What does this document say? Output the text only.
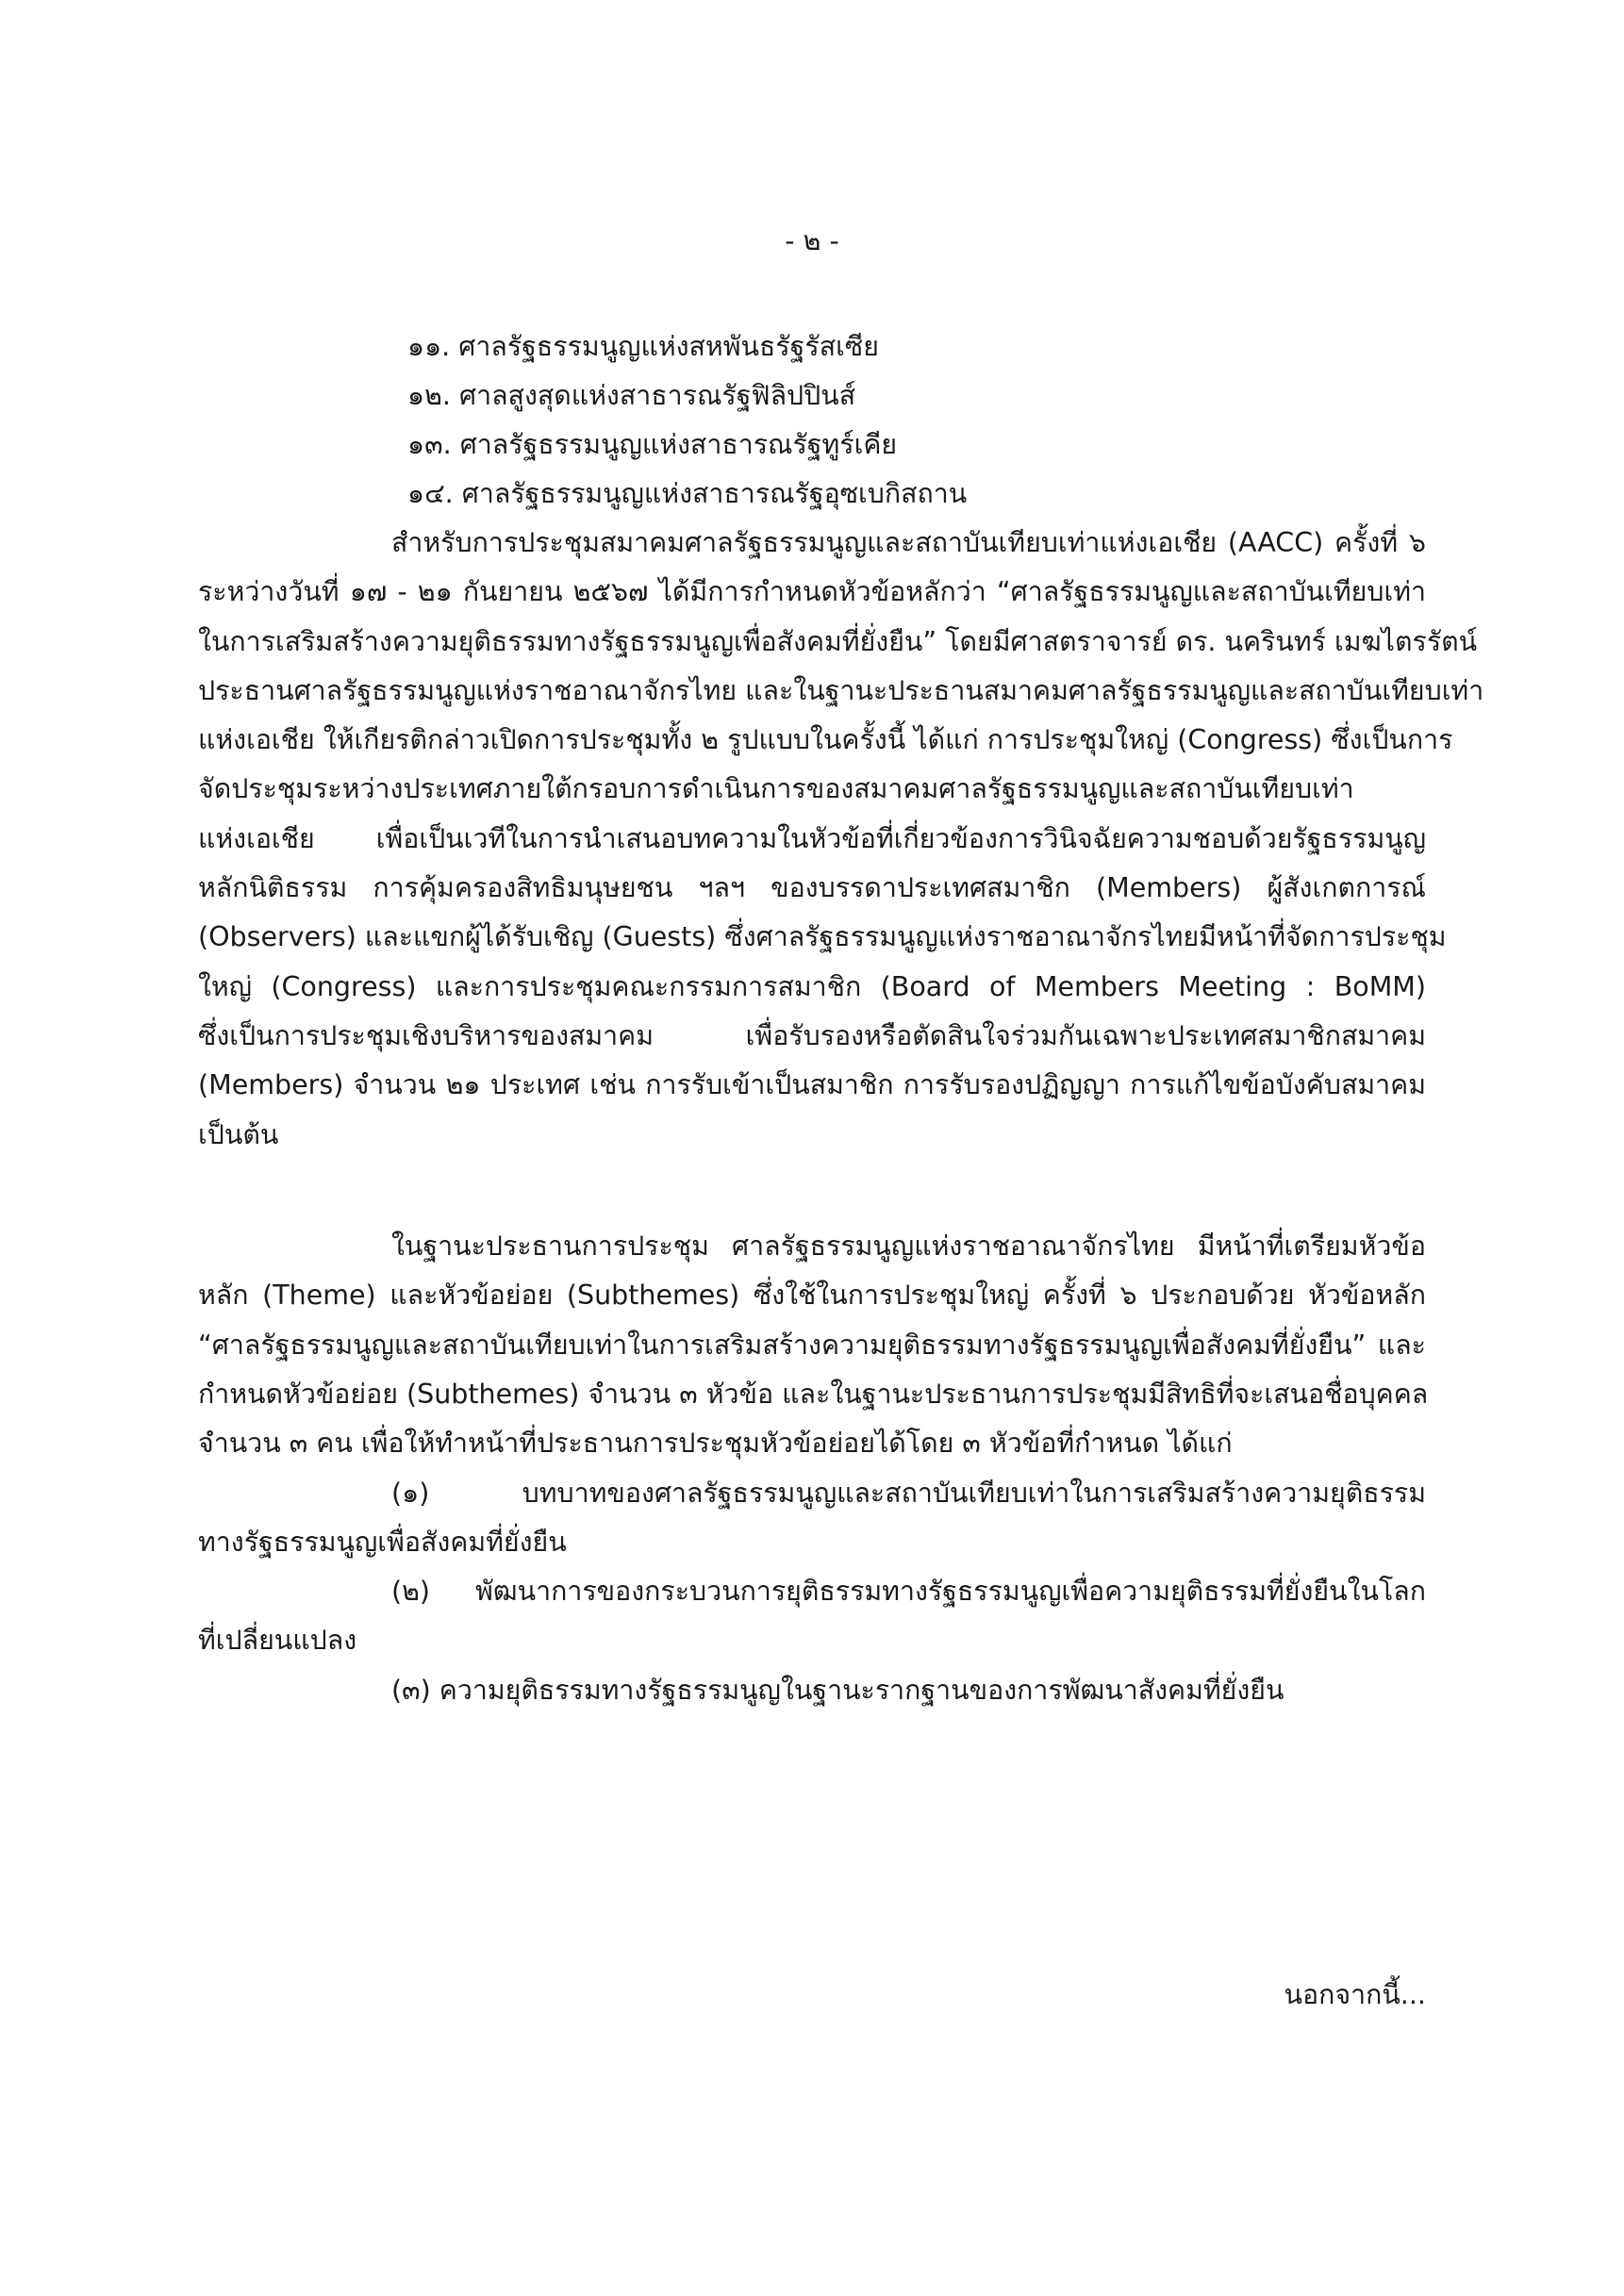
- ๒ -
๑๑. ศาลรัฐธรรมนูญแห่งสหพันธรัฐรัสเซีย
๑๒. ศาลสูงสุดแห่งสาธารณรัฐฟิลิปปินส์
๑๓. ศาลรัฐธรรมนูญแห่งสาธารณรัฐทูร์เคีย
๑๔. ศาลรัฐธรรมนูญแห่งสาธารณรัฐอุซเบกิสถาน
สำหรับการประชุมสมาคมศาลรัฐธรรมนูญและสถาบันเทียบเท่าแห่งเอเชีย (AACC) ครั้งที่ ๖
ระหว่างวันที่ ๑๗ - ๒๑ กันยายน ๒๕๖๗ ได้มีการกำหนดหัวข้อหลักว่า “ศาลรัฐธรรมนูญและสถาบันเทียบเท่า
ในการเสริมสร้างความยุติธรรมทางรัฐธรรมนูญเพื่อสังคมที่ยั่งยืน” โดยมีศาสตราจารย์ ดร. นครินทร์ เมฆไตรรัตน์
ประธานศาลรัฐธรรมนูญแห่งราชอาณาจักรไทย และในฐานะประธานสมาคมศาลรัฐธรรมนูญและสถาบันเทียบเท่า
แห่งเอเชีย ให้เกียรติกล่าวเปิดการประชุมทั้ง ๒ รูปแบบในครั้งนี้ ได้แก่ การประชุมใหญ่ (Congress) ซึ่งเป็นการ
จัดประชุมระหว่างประเทศภายใต้กรอบการดำเนินการของสมาคมศาลรัฐธรรมนูญและสถาบันเทียบเท่า
แห่งเอเชีย เพื่อเป็นเวทีในการนำเสนอบทความในหัวข้อที่เกี่ยวข้องการวินิจฉัยความชอบด้วยรัฐธรรมนูญ
หลักนิติธรรม การคุ้มครองสิทธิมนุษยชน ฯลฯ ของบรรดาประเทศสมาชิก (Members) ผู้สังเกตการณ์
(Observers) และแขกผู้ได้รับเชิญ (Guests) ซึ่งศาลรัฐธรรมนูญแห่งราชอาณาจักรไทยมีหน้าที่จัดการประชุม
ใหญ่ (Congress) และการประชุมคณะกรรมการสมาชิก (Board of Members Meeting : BoMM)
ซึ่งเป็นการประชุมเชิงบริหารของสมาคม เพื่อรับรองหรือตัดสินใจร่วมกันเฉพาะประเทศสมาชิกสมาคม
(Members) จำนวน ๒๑ ประเทศ เช่น การรับเข้าเป็นสมาชิก การรับรองปฏิญญา การแก้ไขข้อบังคับสมาคม
เป็นต้น
ในฐานะประธานการประชุม ศาลรัฐธรรมนูญแห่งราชอาณาจักรไทย มีหน้าที่เตรียมหัวข้อ
หลัก (Theme) และหัวข้อย่อย (Subthemes) ซึ่งใช้ในการประชุมใหญ่ ครั้งที่ ๖ ประกอบด้วย หัวข้อหลัก
“ศาลรัฐธรรมนูญและสถาบันเทียบเท่าในการเสริมสร้างความยุติธรรมทางรัฐธรรมนูญเพื่อสังคมที่ยั่งยืน” และ
กำหนดหัวข้อย่อย (Subthemes) จำนวน ๓ หัวข้อ และในฐานะประธานการประชุมมีสิทธิที่จะเสนอชื่อบุคคล
จำนวน ๓ คน เพื่อให้ทำหน้าที่ประธานการประชุมหัวข้อย่อยได้โดย ๓ หัวข้อที่กำหนด ได้แก่
(๑) บทบาทของศาลรัฐธรรมนูญและสถาบันเทียบเท่าในการเสริมสร้างความยุติธรรม
ทางรัฐธรรมนูญเพื่อสังคมที่ยั่งยืน
(๒) พัฒนาการของกระบวนการยุติธรรมทางรัฐธรรมนูญเพื่อความยุติธรรมที่ยั่งยืนในโลก
ที่เปลี่ยนแปลง
(๓) ความยุติธรรมทางรัฐธรรมนูญในฐานะรากฐานของการพัฒนาสังคมที่ยั่งยืน
นอกจากนี้...
